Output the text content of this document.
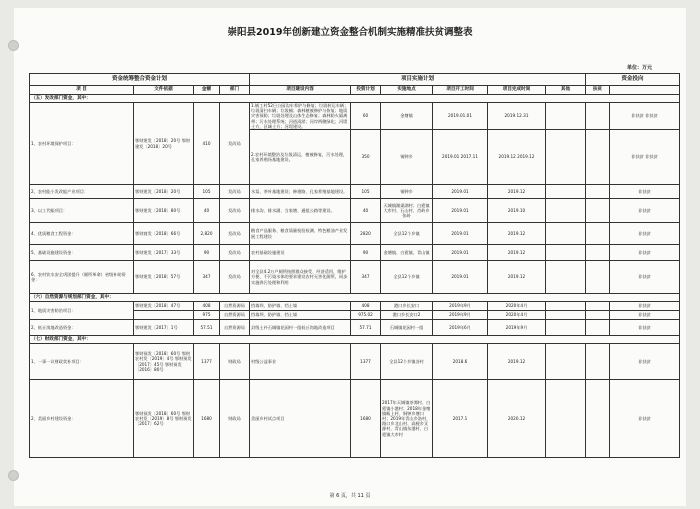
崇阳县2019年创新建立资金整合机制实施精准扶贫调整表
单位：万元
资金统筹整合资金计划				项目实施计划						资金投向	
项 目	文件依据	金额	部门	项目建设内容	投资计划	实施地点	项目开工时间	项目完成时间	其他	扶贫	
（五）发改部门资金，其中：											
1、农村环境保护项目：	鄂财建发〔2018〕20号 鄂财建发〔2018〕20号	410	发改局	1.铺工村52日公园沟车养护与修复；垃圾转运车辆；垃圾清扫车辆；垃圾桶；森林植被修护与恢复；地质灾害预防；垃圾处理及山体生态修复；森林防火隔离带；污水处理系统；河道清淤；河岸两侧绿化；河堤土方，区域土方；河堤建设。	60	金塘镇	2019.01.01	2019.12.31			非扶贫 非扶贫
				2.农村环境整治及垃圾清运，植被修复，污水处理，孔家养殖场基地建设。	350	铜钟乡	2019.01 2017.11	2019.12 2019.12			非扶贫 非扶贫
2、农村能小发改能产业项目：	鄂财建发〔2018〕20号	105	发改局	水泵、茶叶基地建设；修建路、孔家养殖基地建设。	105	铜钟乡	2019.01	2019.12			非扶贫
3、以工代赈项目：	鄂财建发〔2018〕80号	40	发改局	排水沟、排水涵、当家塘、通组公路等建设。	40	天城镇湖渠湖村；白霓镇大市村、石山村、肖岭乡张岭	2019.01	2019.10			非扶贫
4、优质粮食工程资金：	鄂财商发〔2018〕66号	2,820	发改局	粮食产品服务、粮食质量检验检测、特色粮油产业发展工程建设	2820	全县12个乡镇	2019.01	2019.12			非扶贫
5、基础设施建设资金：	鄂财建发〔2017〕33号	90	发改局	农村基础设施建设	90	金塘镇、白霓镇、青山镇	2019.01	2019.12			非扶贫
6、农村饮水安全巩固提升（厕所革命）省级补助资金：	鄂财建发〔2018〕57号	347	发改局	对全县4.2万户厕所按照群众接受、经济适用、维护方便、不污染水体的要求建设农村无害化厕所，同步实施粪污处理和利用	347	全县12个乡镇	2019.01	2019.12			非扶贫
（六）自然资源与规划部门资金，其中：											
1、地质灾害防治项目：	鄂财建发〔2018〕47号	408	自然资源局	挡墙坝、防护墙、挡土墙	408	港口乡长安口	2019年9月	2020年4月			非扶贫
		975	自然资源局	挡墙坝、防护墙、挡土墙	975.02	港口乡长安口2	2019年9月	2020年4月			非扶贫
2、低丘岗地改造资金：	鄂财建发〔2017〕1号	57.51	自然资源局	县级土补石城镇花园村一组低丘岗地改造项目	57.71	石城镇花园村一组	2019年6月	2019年9月			非扶贫
（七）财政部门资金，其中：											
1、一事一议财政奖补项目：	鄂财预发〔2018〕60号 鄂财农村发〔2019〕4号 鄂财预发〔2017〕45号 鄂财预发〔2016〕80号	1377	财政局	村级公益事业	1377	全县12个乡镇各村	2018.6	2019.12			非扶贫
2、美丽乡村建设资金：	鄂财预发〔2018〕60号 鄂财农村发〔2019〕8号 鄂财预发〔2017〕62号	1680	财政局	美丽乡村试点项目	1680	2017年天城镇茶潭村、白霓镇小港村；2018年金塘镇畈上村、铜钟乡塘口村；2019年青山乡洛村、路口乡北山村、高枧乡叉源村、青山镇东港村、白霓镇大市村	2017.1	2020.12			非扶贫
第 6 页，共 11 页
